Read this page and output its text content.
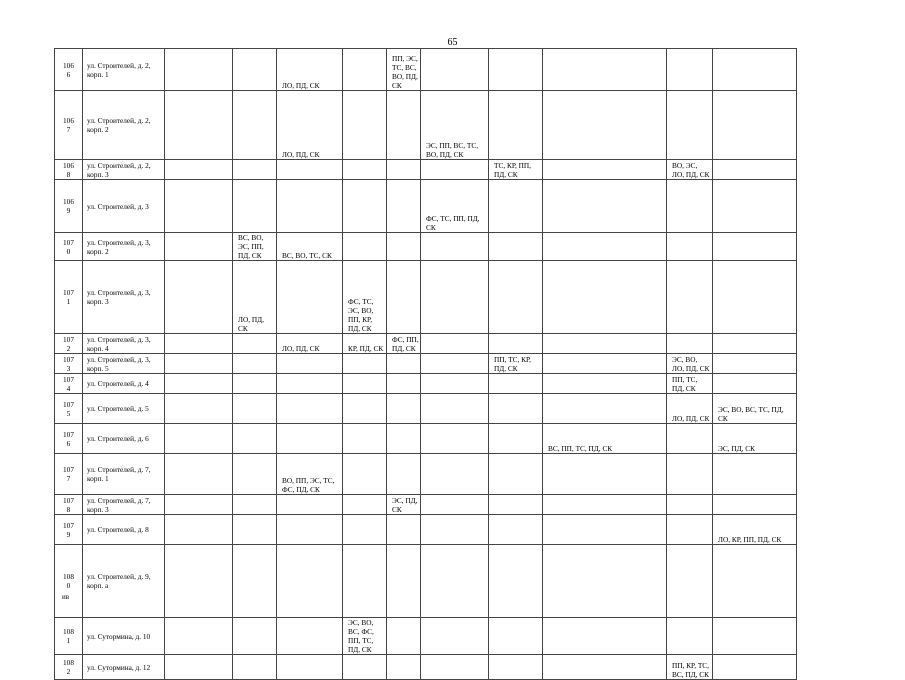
65
106
6	ул. Строителей, д. 2, корп. 1			ЛО, ПД, СК		ПП, ЭС, ТС, ВС, ВО, ПД, СК						
106
7	ул. Строителей, д. 2, корп. 2			ЛО, ПД, СК			ЭС, ПП, ВС, ТС, ВО, ПД, СК					
106
8	ул. Строителей, д. 2, корп. 3							ТС, КР, ПП, ПД, СК		ВО, ЭС, ЛО, ПД, СК		
106
9	ул. Строителей, д. 3						ФС, ТС, ПП, ПД, СК					
107
0	ул. Строителей, д. 3, корп. 2		ВС, ВО, ЭС, ПП, ПД, СК	ВС, ВО, ТС, СК								
107
1	ул. Строителей, д. 3, корп. 3		ЛО, ПД, СК		ФС, ТС, ЭС, ВО, ПП, КР, ПД, СК							
107
2	ул. Строителей, д. 3, корп. 4			ЛО, ПД, СК	КР, ПД, СК	ФС, ПП, ПД, СК						
107
3	ул. Строителей, д. 3, корп. 5							ПП, ТС, КР, ПД, СК		ЭС, ВО, ЛО, ПД, СК		
107
4	ул. Строителей, д. 4									ПП, ТС, ПД, СК		
107
5	ул. Строителей, д. 5									ЛО, ПД, СК	ЭС, ВО, ВС, ТС, ПД, СК	
107
6	ул. Строителей, д. 6								ВС, ПП, ТС, ПД, СК		ЭС, ПД, СК	
107
7	ул. Строителей, д. 7, корп. 1			ВО, ПП, ЭС, ТС, ФС, ПД, СК								
107
8	ул. Строителей, д. 7, корп. 3					ЭС, ПД, СК						
107
9	ул. Строителей, д. 8										ЛО, КР, ПП, ПД, СК	
108
0	ул. Строителей, д. 9, корп. а											
108
1	ул. Сутормина, д. 10				ЭС, ВО, ВС, ФС, ПП, ТС, ПД, СК							
108
2	ул. Сутормина, д. 12									ПП, КР, ТС, ВС, ПД, СК		
ив
